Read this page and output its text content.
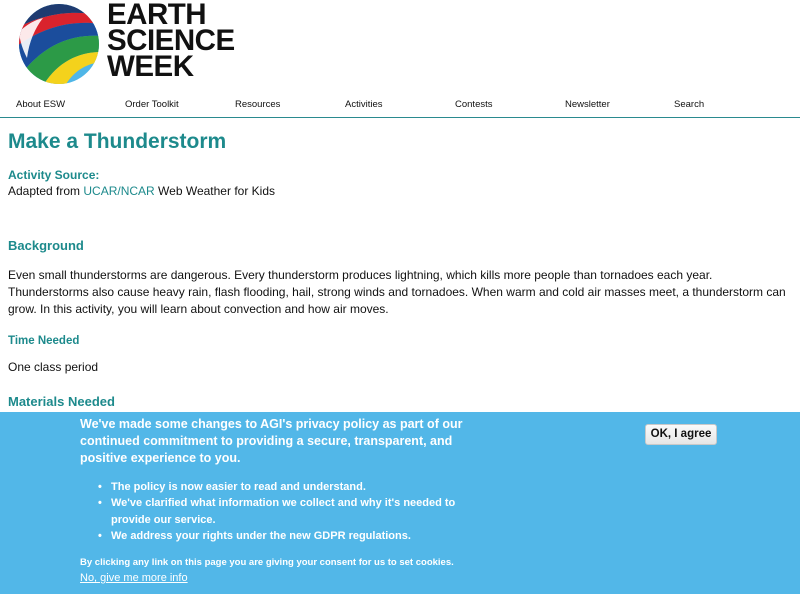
EARTH
SCIENCE
WEEK
About ESW	Order Toolkit	Resources	Activities	Contests	Newsletter	Search
Make a Thunderstorm
Activity Source:
Adapted from UCAR/NCAR Web Weather for Kids
Background
Even small thunderstorms are dangerous. Every thunderstorm produces lightning, which kills more people than tornadoes each year. Thunderstorms also cause heavy rain, flash flooding, hail, strong winds and tornadoes. When warm and cold air masses meet, a thunderstorm can grow. In this activity, you will learn about convection and how air moves.
Time Needed
One class period
Materials Needed
We've made some changes to AGI's privacy policy as part of our continued commitment to providing a secure, transparent, and positive experience to you.
• The policy is now easier to read and understand.
• We've clarified what information we collect and why it's needed to provide our service.
• We address your rights under the new GDPR regulations.
By clicking any link on this page you are giving your consent for us to set cookies.
No, give me more info
OK, I agree
